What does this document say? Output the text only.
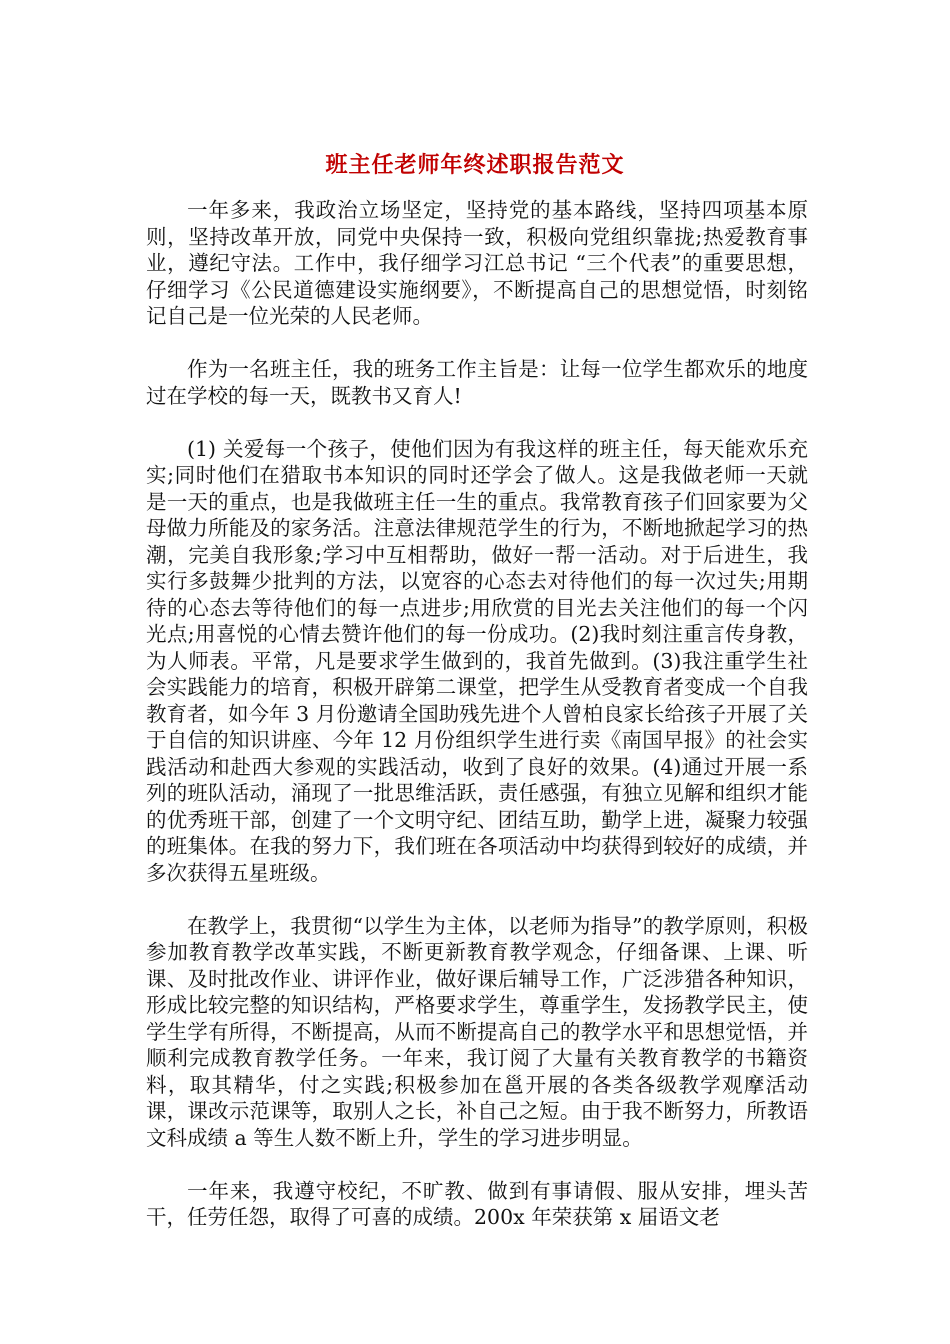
班主任老师年终述职报告范文

一年多来，我政治立场坚定，坚持党的基本路线，坚持四项基本原则，坚持改革开放，同党中央保持一致，积极向党组织靠拢;热爱教育事业，遵纪守法。工作中，我仔细学习江总书记 “三个代表”的重要思想，仔细学习《公民道德建设实施纲要》，不断提高自己的思想觉悟，时刻铭记自己是一位光荣的人民老师。

作为一名班主任，我的班务工作主旨是：让每一位学生都欢乐的地度过在学校的每一天，既教书又育人!

(1) 关爱每一个孩子，使他们因为有我这样的班主任，每天能欢乐充实;同时他们在猎取书本知识的同时还学会了做人。这是我做老师一天就是一天的重点，也是我做班主任一生的重点。我常教育孩子们回家要为父母做力所能及的家务活。注意法律规范学生的行为，不断地掀起学习的热潮，完美自我形象;学习中互相帮助，做好一帮一活动。对于后进生，我实行多鼓舞少批判的方法，以宽容的心态去对待他们的每一次过失;用期待的心态去等待他们的每一点进步;用欣赏的目光去关注他们的每一个闪光点;用喜悦的心情去赞许他们的每一份成功。(2)我时刻注重言传身教，为人师表。平常，凡是要求学生做到的，我首先做到。(3)我注重学生社会实践能力的培育，积极开辟第二课堂，把学生从受教育者变成一个自我教育者，如今年 3 月份邀请全国助残先进个人曾柏良家长给孩子开展了关于自信的知识讲座、今年 12 月份组织学生进行卖《南国早报》的社会实践活动和赴西大参观的实践活动，收到了良好的效果。(4)通过开展一系列的班队活动，涌现了一批思维活跃，责任感强，有独立见解和组织才能的优秀班干部，创建了一个文明守纪、团结互助，勤学上进，凝聚力较强的班集体。在我的努力下，我们班在各项活动中均获得到较好的成绩，并多次获得五星班级。

在教学上，我贯彻“以学生为主体，以老师为指导”的教学原则，积极参加教育教学改革实践，不断更新教育教学观念，仔细备课、上课、听课、及时批改作业、讲评作业，做好课后辅导工作，广泛涉猎各种知识，形成比较完整的知识结构，严格要求学生，尊重学生，发扬教学民主，使学生学有所得，不断提高，从而不断提高自己的教学水平和思想觉悟，并顺利完成教育教学任务。一年来，我订阅了大量有关教育教学的书籍资料，取其精华，付之实践;积极参加在邕开展的各类各级教学观摩活动课，课改示范课等，取别人之长，补自己之短。由于我不断努力，所教语文科成绩 a 等生人数不断上升，学生的学习进步明显。

一年来，我遵守校纪，不旷教、做到有事请假、服从安排，埋头苦干，任劳任怨，取得了可喜的成绩。200x 年荣获第 x 届语文老
